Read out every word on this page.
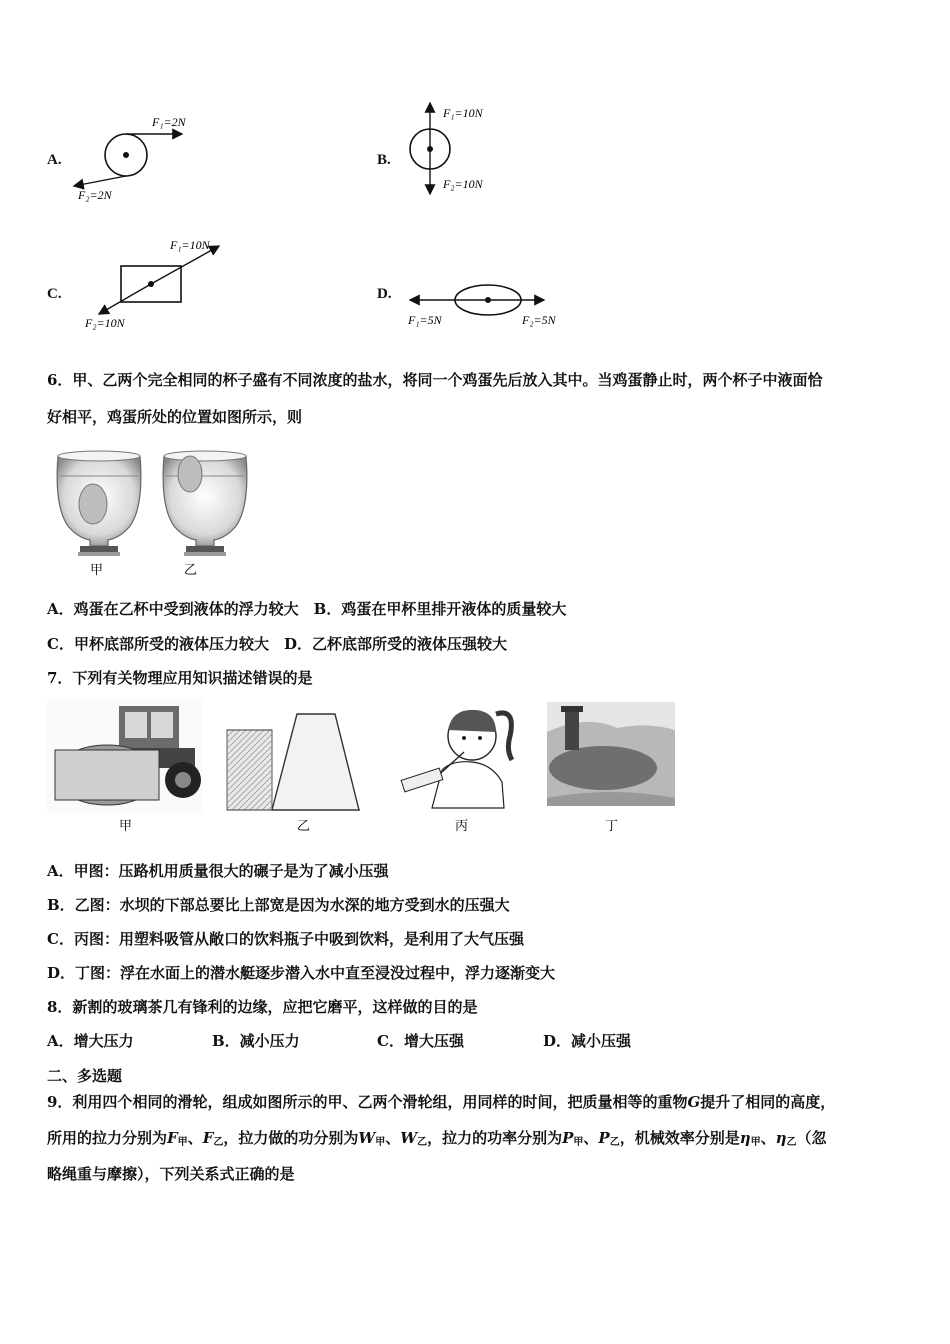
A.
F₁=2N
F₂=2N
B.
F₁=10N
F₂=10N
C.
F₁=10N
F₂=10N
D.
F₁=5N	F₂=5N
6．甲、乙两个完全相同的杯子盛有不同浓度的盐水，将同一个鸡蛋先后放入其中。当鸡蛋静止时，两个杯子中液面恰
好相平，鸡蛋所处的位置如图所示，则
甲	乙
A．鸡蛋在乙杯中受到液体的浮力较大　B．鸡蛋在甲杯里排开液体的质量较大
C．甲杯底部所受的液体压力较大　D．乙杯底部所受的液体压强较大
7．下列有关物理应用知识描述错误的是
甲	乙	丙	丁
A．甲图：压路机用质量很大的碾子是为了减小压强
B．乙图：水坝的下部总要比上部宽是因为水深的地方受到水的压强大
C．丙图：用塑料吸管从敞口的饮料瓶子中吸到饮料，是利用了大气压强
D．丁图：浮在水面上的潜水艇逐步潜入水中直至浸没过程中，浮力逐渐变大
8．新割的玻璃茶几有锋利的边缘，应把它磨平，这样做的目的是
A．增大压力	B．减小压力	C．增大压强	D．减小压强
二、多选题
9．利用四个相同的滑轮，组成如图所示的甲、乙两个滑轮组，用同样的时间，把质量相等的重物G提升了相同的高度，
所用的拉力分别为$F_甲$、$F_乙$，拉力做的功分别为$W_甲$、$W_乙$，拉力的功率分别为$P_甲$、$P_乙$，机械效率分别是$\eta_甲$、$\eta_乙$（忽
略绳重与摩擦），下列关系式正确的是
